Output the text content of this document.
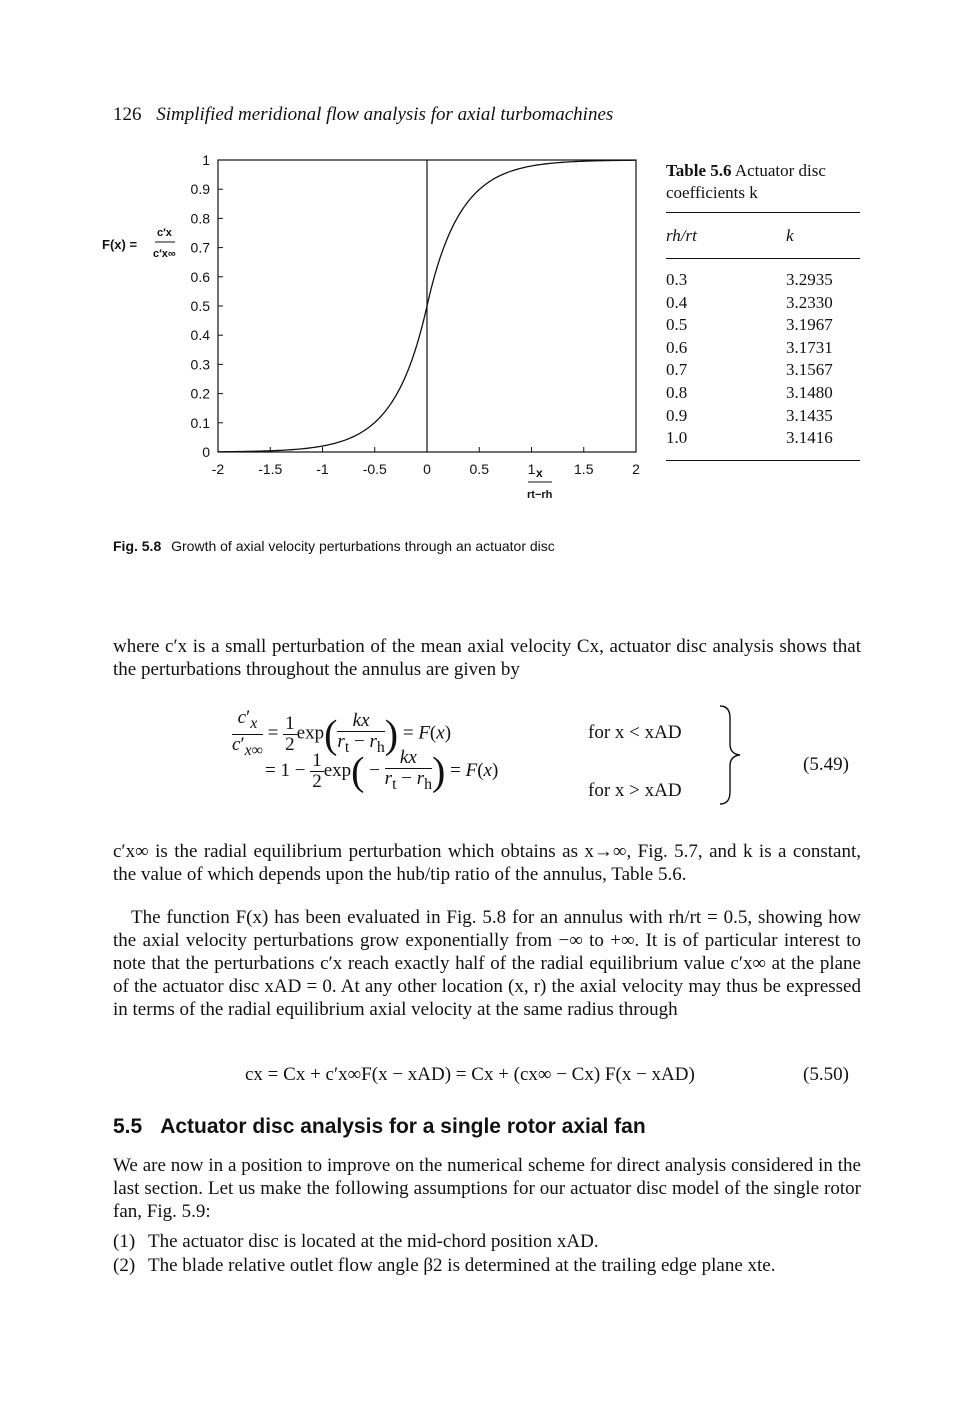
126 Simplified meridional flow analysis for axial turbomachines
-2 -1.5 -1 -0.5	0	0.5	1	1.5	2
0
0.1
0.2
0.3
0.4
0.5
0.6
0.7
0.8
0.9
1
F(x) =
c′x
c′x∞
x
rt−rh
Table 5.6 Actuator disc coefficients k
rh/rt	k
0.3	3.2935
0.4	3.2330
0.5	3.1967
0.6	3.1731
0.7	3.1567
0.8	3.1480
0.9	3.1435
1.0	3.1416
Fig. 5.8 Growth of axial velocity perturbations through an actuator disc
where c′x is a small perturbation of the mean axial velocity Cx, actuator disc analysis shows that the perturbations throughout the annulus are given by
$\frac{c'_x}{c'_{x\infty}} = \frac{1}{2} \exp( \frac{kx}{r_t - r_h}$ ) = F(x)	for x < xAD
= $1 - \frac{1}{2} \exp( - \frac{kx}{r_t - r_h}$ ) = F(x)
for x > xAD
(5.49)
c′x∞ is the radial equilibrium perturbation which obtains as x→∞, Fig. 5.7, and k is a constant, the value of which depends upon the hub/tip ratio of the annulus, Table 5.6.
The function F(x) has been evaluated in Fig. 5.8 for an annulus with rh/rt = 0.5, showing how the axial velocity perturbations grow exponentially from −∞ to +∞. It is of particular interest to note that the perturbations c′x reach exactly half of the radial equilibrium value c′x∞ at the plane of the actuator disc xAD = 0. At any other location (x, r) the axial velocity may thus be expressed in terms of the radial equilibrium axial velocity at the same radius through
cx = Cx + c′x∞F(x − xAD) = Cx + (cx∞ − Cx) F(x − xAD)	(5.50)
5.5 Actuator disc analysis for a single rotor axial fan
We are now in a position to improve on the numerical scheme for direct analysis considered in the last section. Let us make the following assumptions for our actuator disc model of the single rotor fan, Fig. 5.9:
(1) The actuator disc is located at the mid-chord position xAD.
(2) The blade relative outlet flow angle β2 is determined at the trailing edge plane xte.
